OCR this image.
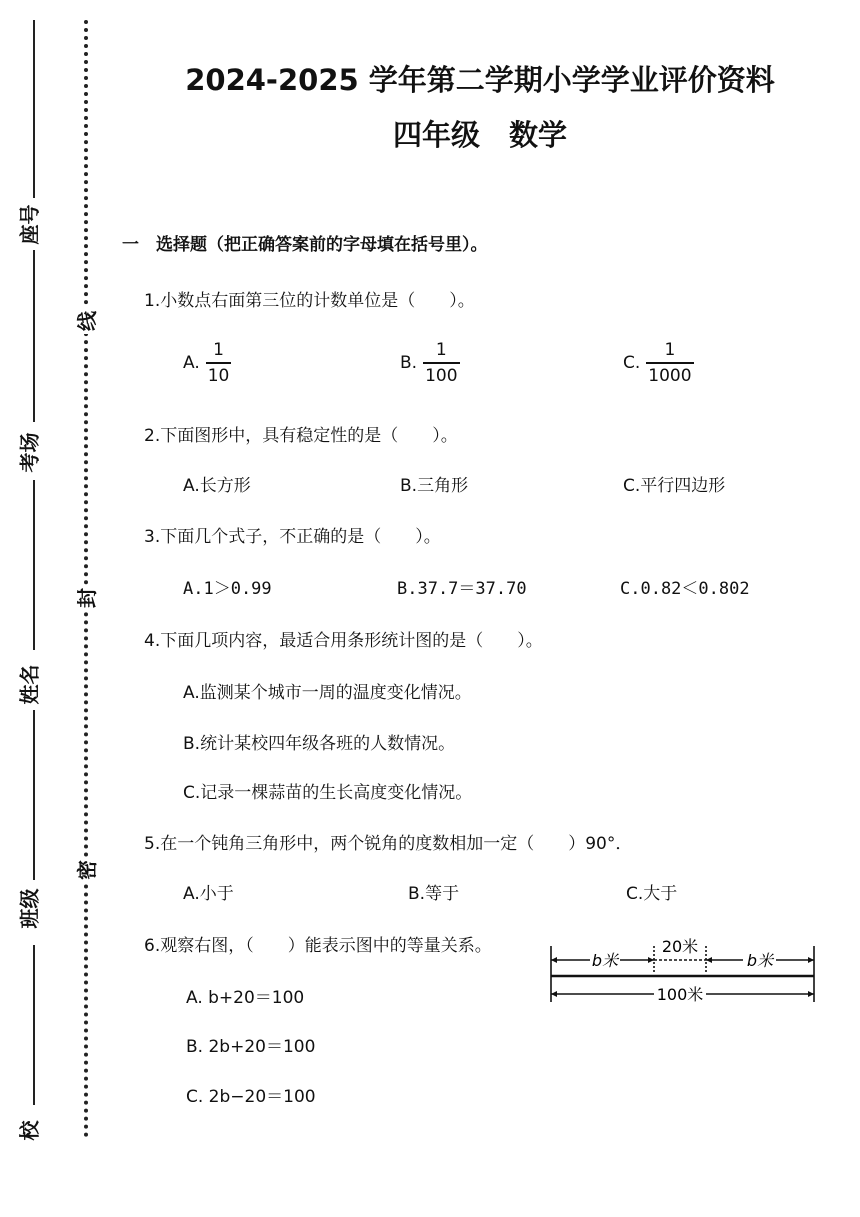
座号
考场
姓名
班级
校
线
封
密
2024-2025 学年第二学期小学学业评价资料
四年级　数学
一　选择题（把正确答案前的字母填在括号里）。
1.小数点右面第三位的计数单位是（　　）。
A.
1
10
B.
1
100
C.
1
1000
2.下面图形中，具有稳定性的是（　　）。
A.长方形	B.三角形	C.平行四边形
3.下面几个式子，不正确的是（　　）。
A.1＞0.99	B.37.7＝37.70	C.0.82＜0.802
4.下面几项内容，最适合用条形统计图的是（　　）。
A.监测某个城市一周的温度变化情况。
B.统计某校四年级各班的人数情况。
C.记录一棵蒜苗的生长高度变化情况。
5.在一个钝角三角形中，两个锐角的度数相加一定（　　）90°．
A.小于	B.等于	C.大于
6.观察右图，（　　）能表示图中的等量关系。
A. b+20＝100
B. 2b+20＝100
C. 2b−20＝100
b米
20米
b米
100米
